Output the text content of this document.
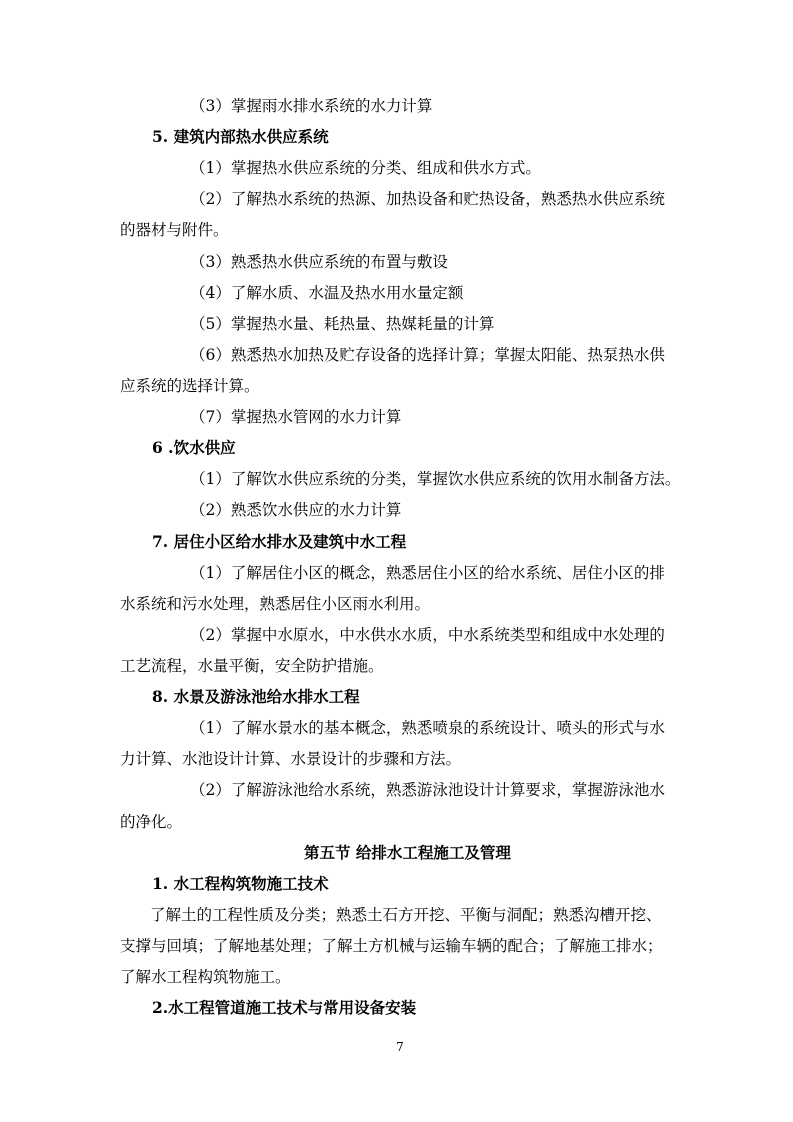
（3）掌握雨水排水系统的水力计算
5. 建筑内部热水供应系统
（1）掌握热水供应系统的分类、组成和供水方式。
（2）了解热水系统的热源、加热设备和贮热设备，熟悉热水供应系统
的器材与附件。
（3）熟悉热水供应系统的布置与敷设
（4）了解水质、水温及热水用水量定额
（5）掌握热水量、耗热量、热媒耗量的计算
（6）熟悉热水加热及贮存设备的选择计算；掌握太阳能、热泵热水供
应系统的选择计算。
（7）掌握热水管网的水力计算
6 .饮水供应
（1）了解饮水供应系统的分类，掌握饮水供应系统的饮用水制备方法。
（2）熟悉饮水供应的水力计算
7. 居住小区给水排水及建筑中水工程
（1）了解居住小区的概念，熟悉居住小区的给水系统、居住小区的排
水系统和污水处理，熟悉居住小区雨水利用。
（2）掌握中水原水，中水供水水质，中水系统类型和组成中水处理的
工艺流程，水量平衡，安全防护措施。
8. 水景及游泳池给水排水工程
（1）了解水景水的基本概念，熟悉喷泉的系统设计、喷头的形式与水
力计算、水池设计计算、水景设计的步骤和方法。
（2）了解游泳池给水系统，熟悉游泳池设计计算要求，掌握游泳池水
的净化。
第五节 给排水工程施工及管理
1. 水工程构筑物施工技术
了解土的工程性质及分类；熟悉土石方开挖、平衡与洞配；熟悉沟槽开挖、
支撑与回填；了解地基处理；了解土方机械与运输车辆的配合；了解施工排水；
了解水工程构筑物施工。
2.水工程管道施工技术与常用设备安装
7
